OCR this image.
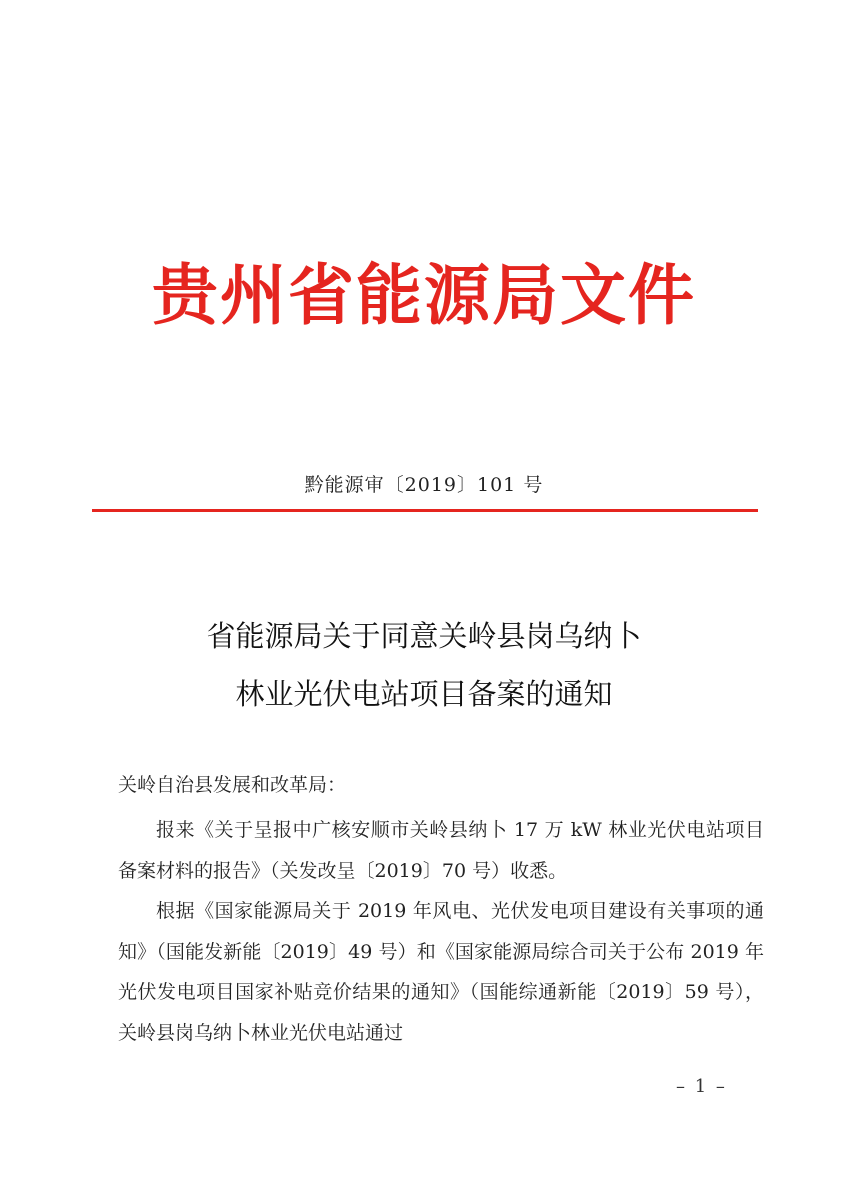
贵州省能源局文件
黔能源审〔2019〕101 号
省能源局关于同意关岭县岗乌纳卜
林业光伏电站项目备案的通知
关岭自治县发展和改革局：

报来《关于呈报中广核安顺市关岭县纳卜 17 万 kW 林业光伏电站项目备案材料的报告》（关发改呈〔2019〕70 号）收悉。

根据《国家能源局关于 2019 年风电、光伏发电项目建设有关事项的通知》（国能发新能〔2019〕49 号）和《国家能源局综合司关于公布 2019 年光伏发电项目国家补贴竞价结果的通知》（国能综通新能〔2019〕59 号），关岭县岗乌纳卜林业光伏电站通过

– 1 –
